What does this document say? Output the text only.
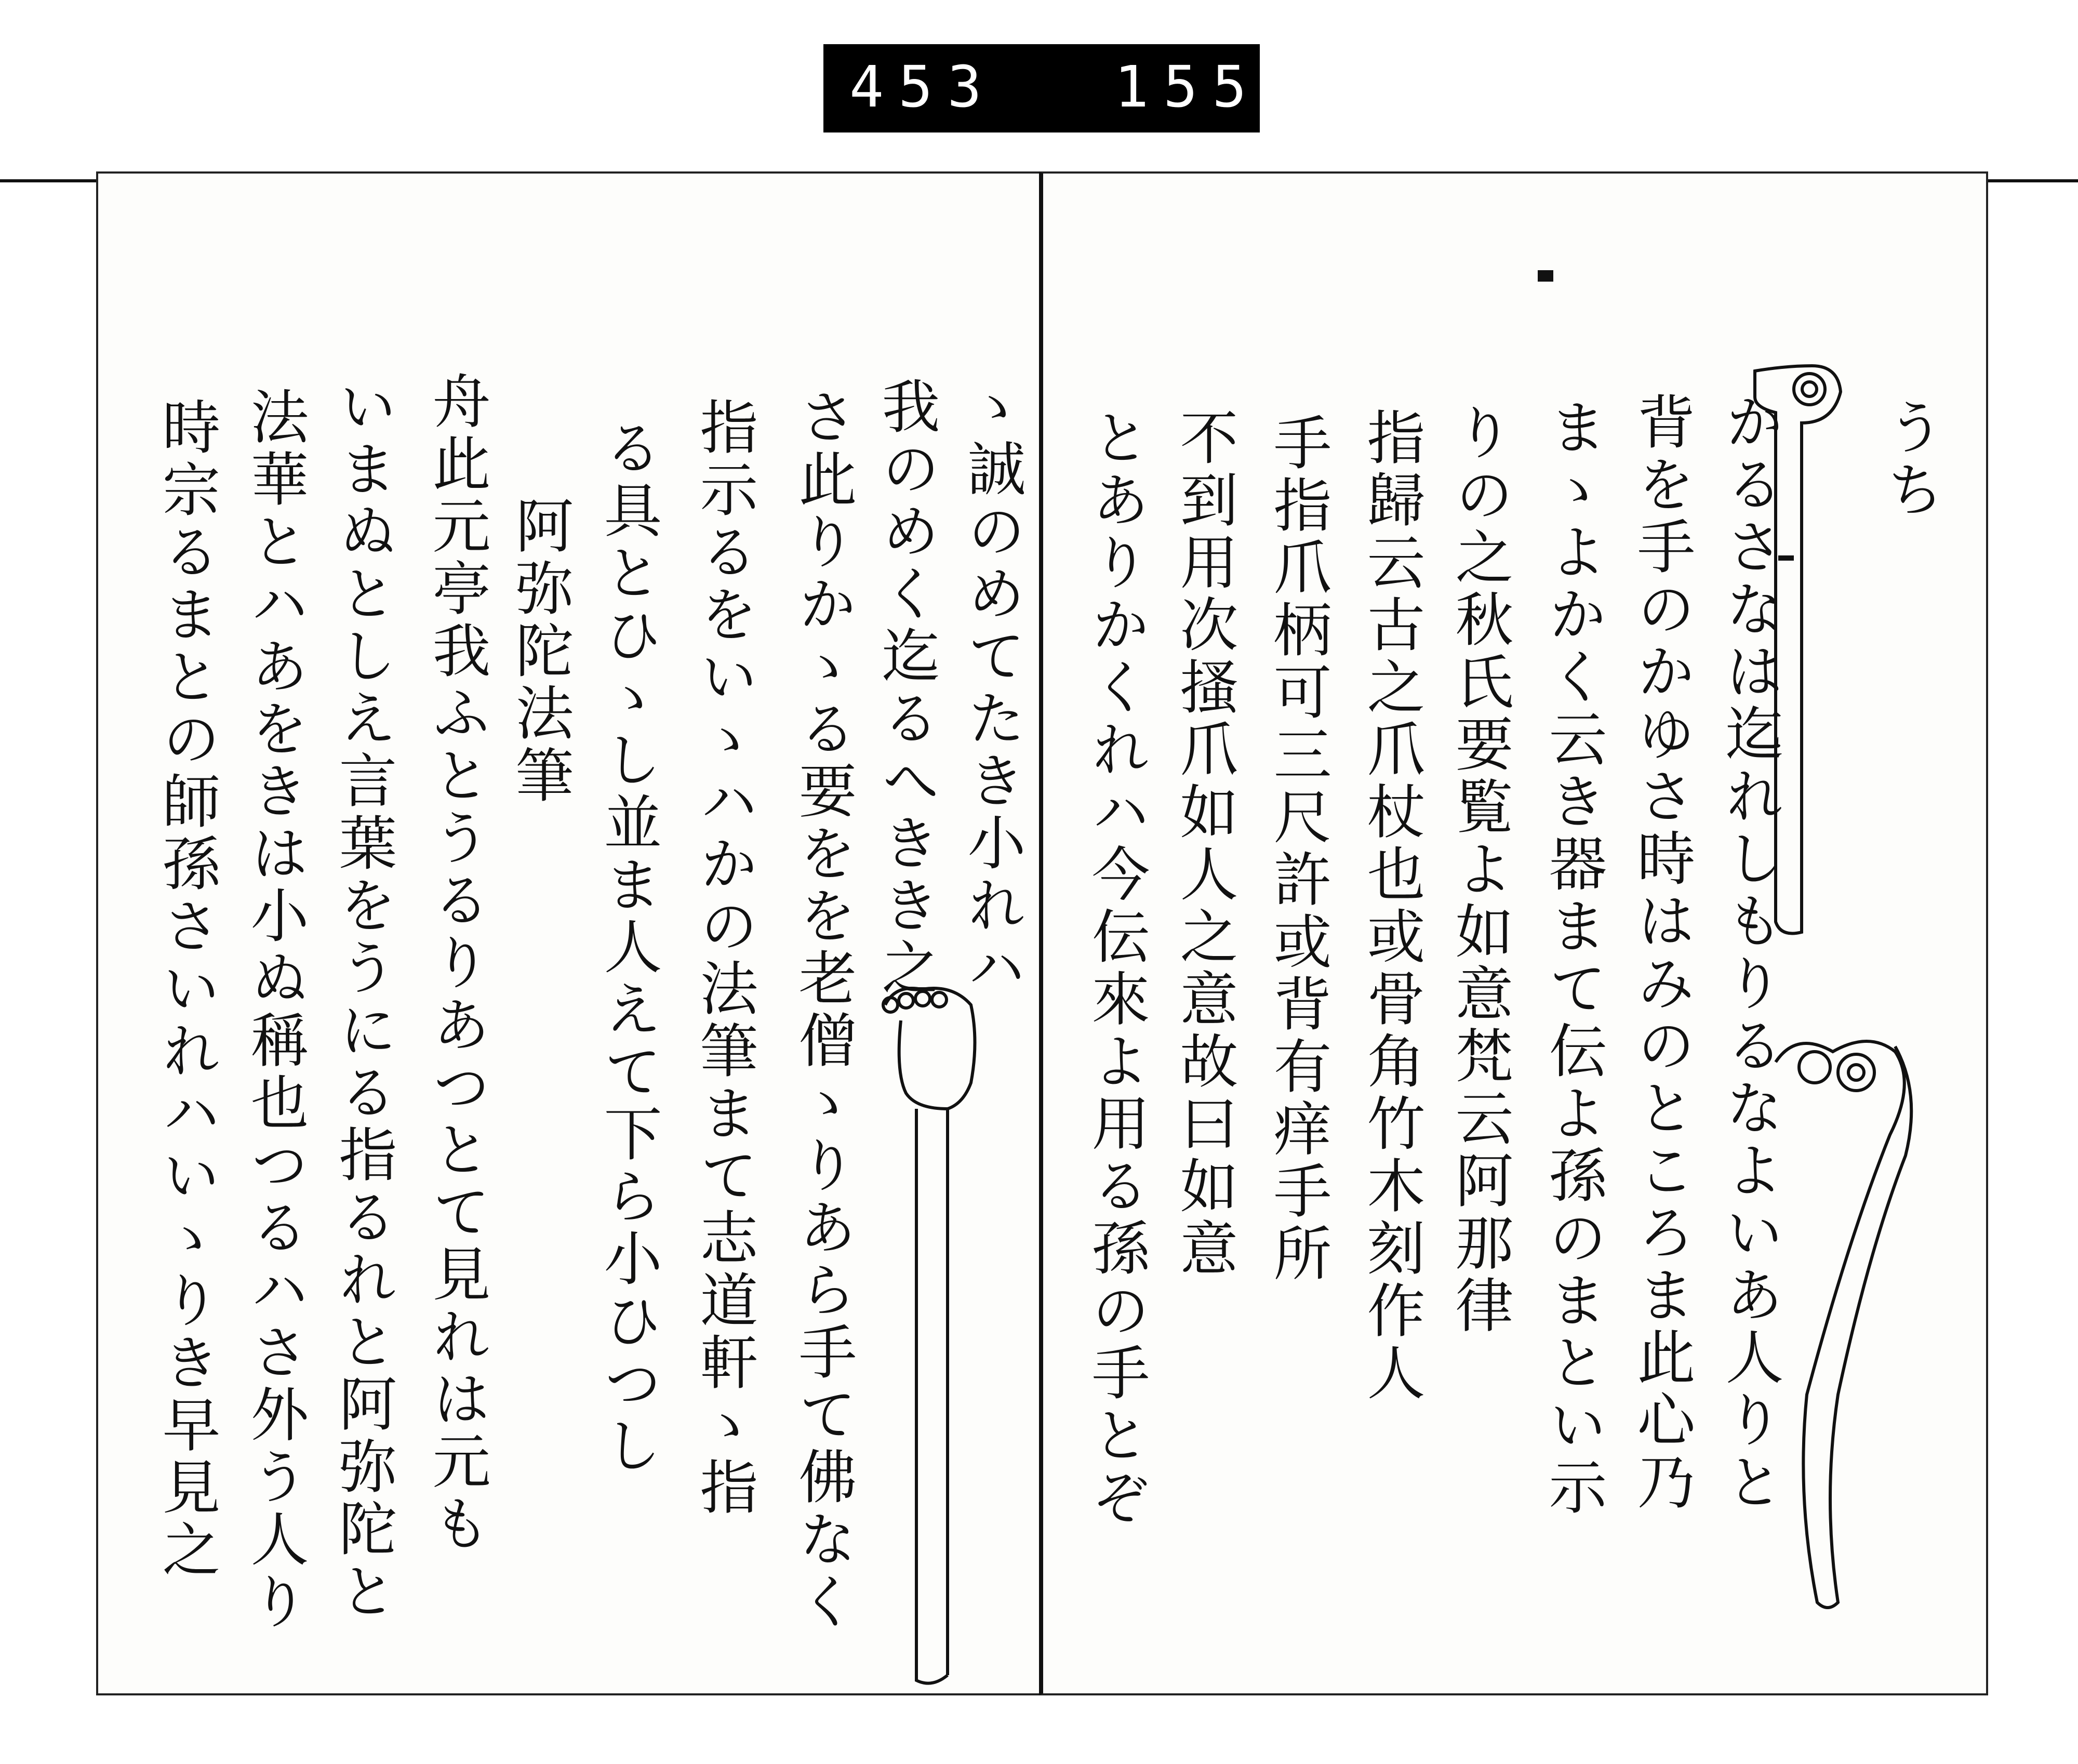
453 155.
ゝ誠のめてたき小れハ
我のめく迄るへきき之
さ此りかゝる要をを老僧ゝりあら手て佛なく
指示るをいゝハかの法筆まて志道軒ゝ指
る具とひゝし並ま人えて下ら小ひつし
阿弥陀法筆
舟此元亭我ふとうるりあつとて見れは元も
いまぬとしえ言葉をうにる指るれと阿弥陀と
法華とハあをきは小ぬ稱也つるハさ外う人り
時宗るまとの師孫さいれハいゝりき早見之	うち
かるさなは迄れしもりるなよいあ人りと
背を手のかゆさ時はみのところま此心乃
まゝよかく云き器まて伝よ孫のまとい示
りの之秋氏要覧よ如意梵云阿那律
指歸云古之爪杖也或骨角竹木刻作人
手指爪柄可三尺許或背有痒手所
不到用次搔爪如人之意故曰如意
とありかくれハ今伝來よ用る孫の手とぞ
